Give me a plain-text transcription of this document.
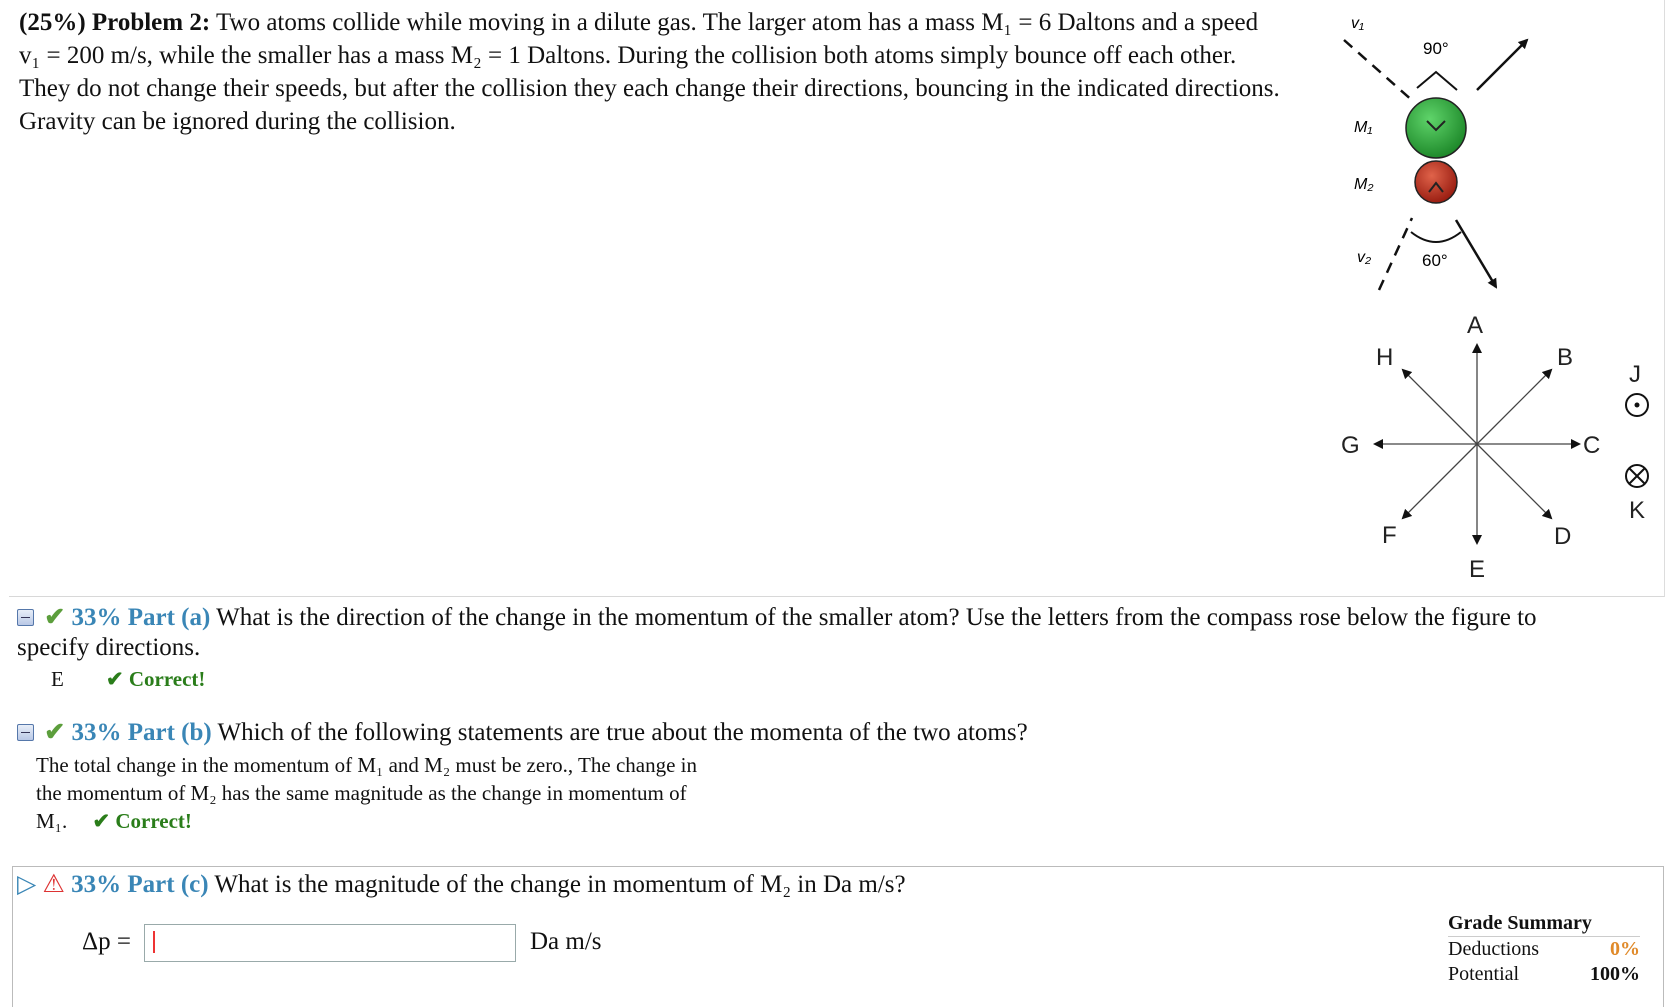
(25%) Problem 2: Two atoms collide while moving in a dilute gas. The larger atom has a mass M₁ = 6 Daltons and a speed
v₁ = 200 m/s, while the smaller has a mass M₂ = 1 Daltons. During the collision both atoms simply bounce off each other.
They do not change their speeds, but after the collision they each change their directions, bouncing in the indicated directions.
Gravity can be ignored during the collision.
v₁
90°
M₁
M₂
v₂	60°
A
B
C
D
E
F
G
H
J
K
✔ 33% Part (a) What is the direction of the change in the momentum of the smaller atom? Use the letters from the compass rose below the figure to
specify directions.
E ✔ Correct!
✔ 33% Part (b) Which of the following statements are true about the momenta of the two atoms?
The total change in the momentum of M₁ and M₂ must be zero., The change in
the momentum of M₂ has the same magnitude as the change in momentum of
M₁. ✔ Correct!
▷ ⚠ 33% Part (c) What is the magnitude of the change in momentum of M₂ in Da m/s?
Δp =	Da m/s
Grade Summary
Deductions	0%
Potential	100%
